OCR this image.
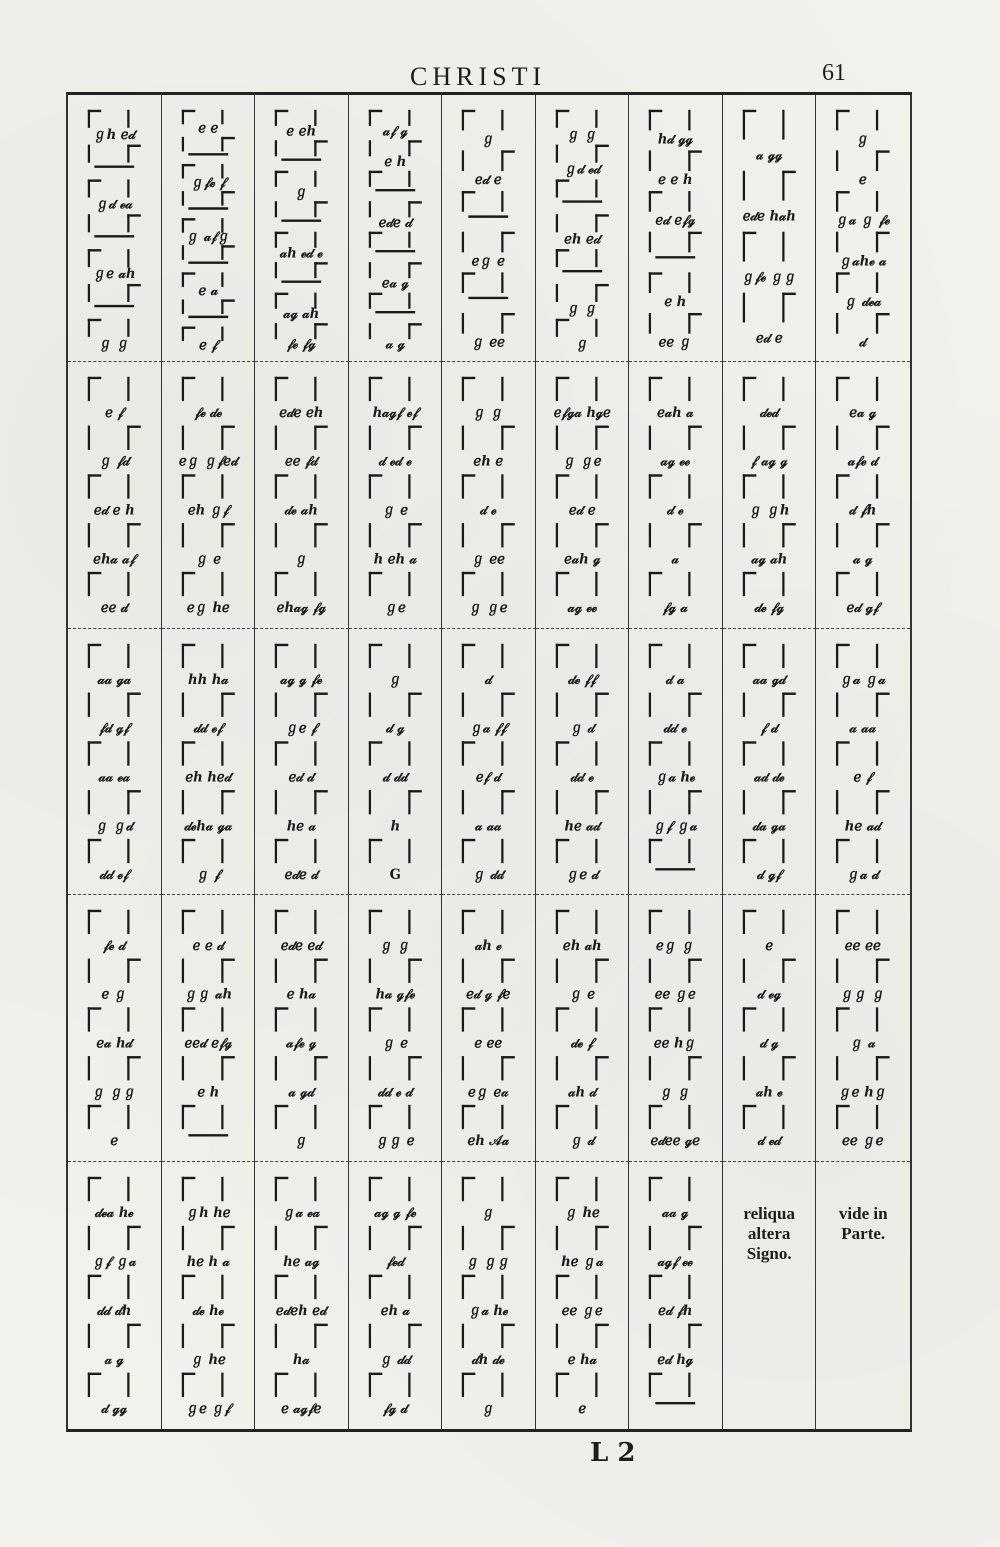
CHRISTI	61
ℊℎ ℯ𝒹
ℊ𝒹 ℯ𝒶
ℊℯ 𝒶ℎ
ℊ ℊ
ℯ ℯ
ℊ𝒻ℯ 𝒻
ℊ 𝒶𝒻ℊ
ℯ 𝒶
ℯ 𝒻
ℯ ℯℎ
ℊ
𝒶ℎ ℯ𝒹 ℯ
𝒶ℊ 𝒶ℎ
𝒻ℯ 𝒻ℊ
𝒶𝒻 ℊ
ℯ ℎ
ℯ𝒹ℯ 𝒹
ℯ𝒶 ℊ
𝒶 ℊ
ℊ
ℯ𝒹 ℯ
ℯℊ ℯ
ℊ ℯℯ
ℊ ℊ
ℊ𝒹 ℯ𝒹
ℯℎ ℯ𝒹
ℊ ℊ
ℊ
ℎ𝒹 ℊℊ
ℯ ℯ ℎ
ℯ𝒹 ℯ𝒻ℊ
ℯ ℎ
ℯℯ ℊ
𝒶 ℊℊ
ℯ𝒹ℯ ℎ𝒶ℎ
ℊ𝒻ℯ ℊℊ
ℯ𝒹 ℯ
ℊ
ℯ
ℊ𝒶 ℊ 𝒻ℯ
ℊ𝒶ℎℯ 𝒶
ℊ 𝒹ℯ𝒶
𝒹
ℯ 𝒻
ℊ 𝒻𝒹
ℯ𝒹 ℯ ℎ
ℯℎ𝒶 𝒶𝒻
ℯℯ 𝒹
𝒻ℯ 𝒹ℯ
ℯℊ ℊ𝒻ℯ𝒹
ℯℎ ℊ𝒻
ℊ ℯ
ℯℊ ℎℯ
ℯ𝒹ℯ ℯℎ
ℯℯ 𝒻𝒹
𝒹ℯ 𝒶ℎ
ℊ
ℯℎ𝒶ℊ 𝒻ℊ
ℎ𝒶ℊ𝒻 ℯ𝒻
𝒹 ℯ𝒹 ℯ
ℊ ℯ
ℎ ℯℎ 𝒶
ℊℯ
ℊ ℊ
ℯℎ ℯ
𝒹 ℯ
ℊ ℯℯ
ℊ ℊℯ
ℯ𝒻ℊ𝒶 ℎℊℯ
ℊ ℊℯ
ℯ𝒹 ℯ
ℯ𝒶ℎ ℊ
𝒶ℊ ℯℯ
ℯ𝒶ℎ 𝒶
𝒶ℊ ℯℯ
𝒹 ℯ
𝒶
𝒻ℊ 𝒶
𝒹ℯ𝒹
𝒻 𝒶ℊ ℊ
ℊ ℊℎ
𝒶ℊ 𝒶ℎ
𝒹ℯ 𝒻ℊ
ℯ𝒶 ℊ
𝒶𝒻ℯ 𝒹
𝒹 𝒻ℎ
𝒶 ℊ
ℯ𝒹 ℊ𝒻
𝒶𝒶 ℊ𝒶
𝒻𝒹 ℊ𝒻
𝒶𝒶 ℯ𝒶
ℊ ℊ𝒹
𝒹𝒹 ℯ𝒻
ℎℎ ℎ𝒶
𝒹𝒹 ℯ𝒻
ℯℎ ℎℯ𝒹
𝒹ℯℎ𝒶 ℊ𝒶
ℊ 𝒻
𝒶ℊ ℊ 𝒻ℯ
ℊℯ 𝒻
ℯ𝒹 𝒹
ℎℯ 𝒶
ℯ𝒹ℯ 𝒹
ℊ
𝒹 ℊ
𝒹 𝒹𝒹
ℎ
G
𝒹
ℊ𝒶 𝒻𝒻
ℯ𝒻 𝒹
𝒶 𝒶𝒶
ℊ 𝒹𝒹
𝒹ℯ 𝒻𝒻
ℊ 𝒹
𝒹𝒹 ℯ
ℎℯ 𝒶𝒹
ℊℯ 𝒹
𝒹 𝒶
𝒹𝒹 ℯ
ℊ𝒶 ℎℯ
ℊ𝒻 ℊ𝒶
𝒶𝒶 ℊ𝒹
𝒻 𝒹
𝒶𝒹 𝒹ℯ
𝒹𝒶 ℊ𝒶
𝒹 ℊ𝒻
ℊ𝒶 ℊ𝒶
𝒶 𝒶𝒶
ℯ 𝒻
ℎℯ 𝒶𝒹
ℊ𝒶 𝒹
𝒻ℯ 𝒹
ℯ ℊ
ℯ𝒶 ℎ𝒹
ℊ ℊℊ
ℯ
ℯ ℯ 𝒹
ℊℊ 𝒶ℎ
ℯℯ𝒹 ℯ𝒻ℊ
ℯ ℎ
ℯ𝒹ℯ ℯ𝒹
ℯ ℎ𝒶
𝒶𝒻ℯ ℊ
𝒶 ℊ𝒹
ℊ
ℊ ℊ
ℎ𝒶 ℊ𝒻ℯ
ℊ ℯ
𝒹𝒹 ℯ 𝒹
ℊℊ ℯ
𝒶ℎ ℯ
ℯ𝒹 ℊ 𝒻ℯ
ℯ ℯℯ
ℯℊ ℯ𝒶
ℯℎ 𝒜𝒶
ℯℎ 𝒶ℎ
ℊ ℯ
𝒹ℯ 𝒻
𝒶ℎ 𝒹
ℊ 𝒹
ℯℊ ℊ
ℯℯ ℊℯ
ℯℯ ℎℊ
ℊ ℊ
ℯ𝒹ℯℯ ℊℯ
ℯ
𝒹 ℯℊ
𝒹 ℊ
𝒶ℎ ℯ
𝒹 ℯ𝒹
ℯℯ ℯℯ
ℊℊ ℊ
ℊ 𝒶
ℊℯ ℎℊ
ℯℯ ℊℯ
𝒹ℯ𝒶 ℎℯ
ℊ𝒻 ℊ𝒶
𝒹𝒹 𝒹ℎ
𝒶 ℊ
𝒹 ℊℊ
ℊℎ ℎℯ
ℎℯ ℎ 𝒶
𝒹ℯ ℎℯ
ℊ ℎℯ
ℊℯ ℊ𝒻
ℊ𝒶 ℯ𝒶
ℎℯ 𝒶ℊ
ℯ𝒹ℯℎ ℯ𝒹
ℎ𝒶
ℯ 𝒶ℊ𝒻ℯ
𝒶ℊ ℊ 𝒻ℯ
𝒻ℯ𝒹
ℯℎ 𝒶
ℊ 𝒹𝒹
𝒻ℊ 𝒹
ℊ
ℊ ℊℊ
ℊ𝒶 ℎℯ
𝒹ℎ 𝒹ℯ
ℊ
ℊ ℎℯ
ℎℯ ℊ𝒶
ℯℯ ℊℯ
ℯ ℎ𝒶
ℯ
𝒶𝒶 ℊ
𝒶ℊ𝒻 ℯℯ
ℯ𝒹 𝒻ℎ
ℯ𝒹 ℎℊ
reliqua altera Signo.
vide in Parte.
L 2
